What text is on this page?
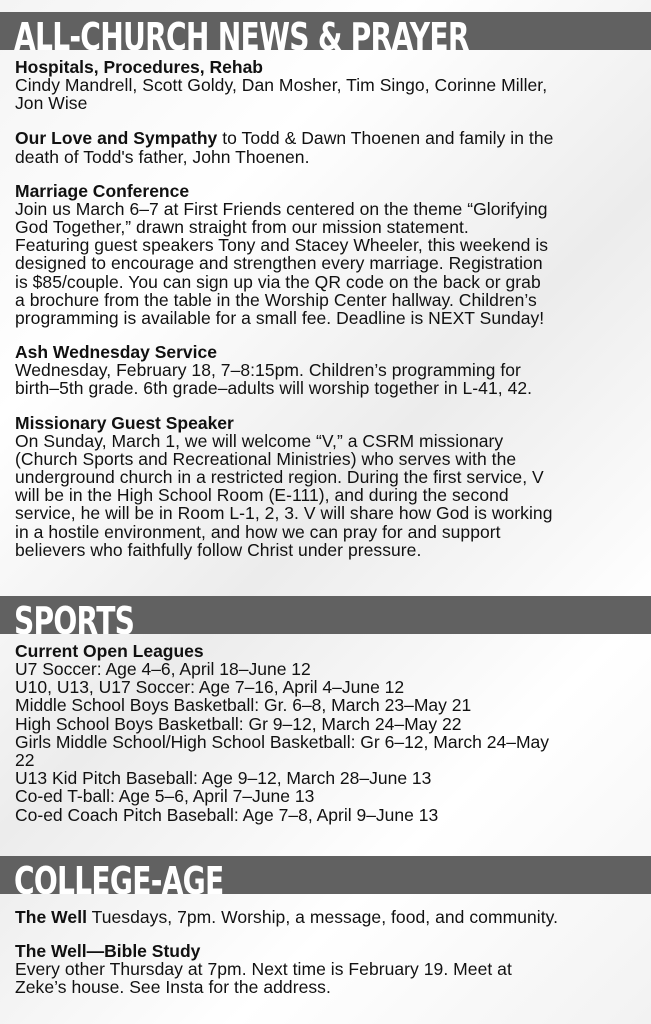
ALL-CHURCH NEWS & PRAYER
Hospitals, Procedures, Rehab
Cindy Mandrell, Scott Goldy, Dan Mosher, Tim Singo, Corinne Miller,
Jon Wise
Our Love and Sympathy to Todd & Dawn Thoenen and family in the
death of Todd's father, John Thoenen.
Marriage Conference
Join us March 6–7 at First Friends centered on the theme “Glorifying
God Together,” drawn straight from our mission statement.
Featuring guest speakers Tony and Stacey Wheeler, this weekend is
designed to encourage and strengthen every marriage. Registration
is $85/couple. You can sign up via the QR code on the back or grab
a brochure from the table in the Worship Center hallway. Children’s
programming is available for a small fee. Deadline is NEXT Sunday!
Ash Wednesday Service
Wednesday, February 18, 7–8:15pm. Children’s programming for
birth–5th grade. 6th grade–adults will worship together in L-41, 42.
Missionary Guest Speaker
On Sunday, March 1, we will welcome “V,” a CSRM missionary
(Church Sports and Recreational Ministries) who serves with the
underground church in a restricted region. During the first service, V
will be in the High School Room (E-111), and during the second
service, he will be in Room L-1, 2, 3. V will share how God is working
in a hostile environment, and how we can pray for and support
believers who faithfully follow Christ under pressure.
SPORTS
Current Open Leagues
U7 Soccer: Age 4–6, April 18–June 12
U10, U13, U17 Soccer: Age 7–16, April 4–June 12
Middle School Boys Basketball: Gr. 6–8, March 23–May 21
High School Boys Basketball: Gr 9–12, March 24–May 22
Girls Middle School/High School Basketball: Gr 6–12, March 24–May
22
U13 Kid Pitch Baseball: Age 9–12, March 28–June 13
Co-ed T-ball: Age 5–6, April 7–June 13
Co-ed Coach Pitch Baseball: Age 7–8, April 9–June 13
COLLEGE-AGE
The Well Tuesdays, 7pm. Worship, a message, food, and community.
The Well—Bible Study
Every other Thursday at 7pm. Next time is February 19. Meet at
Zeke’s house. See Insta for the address.
